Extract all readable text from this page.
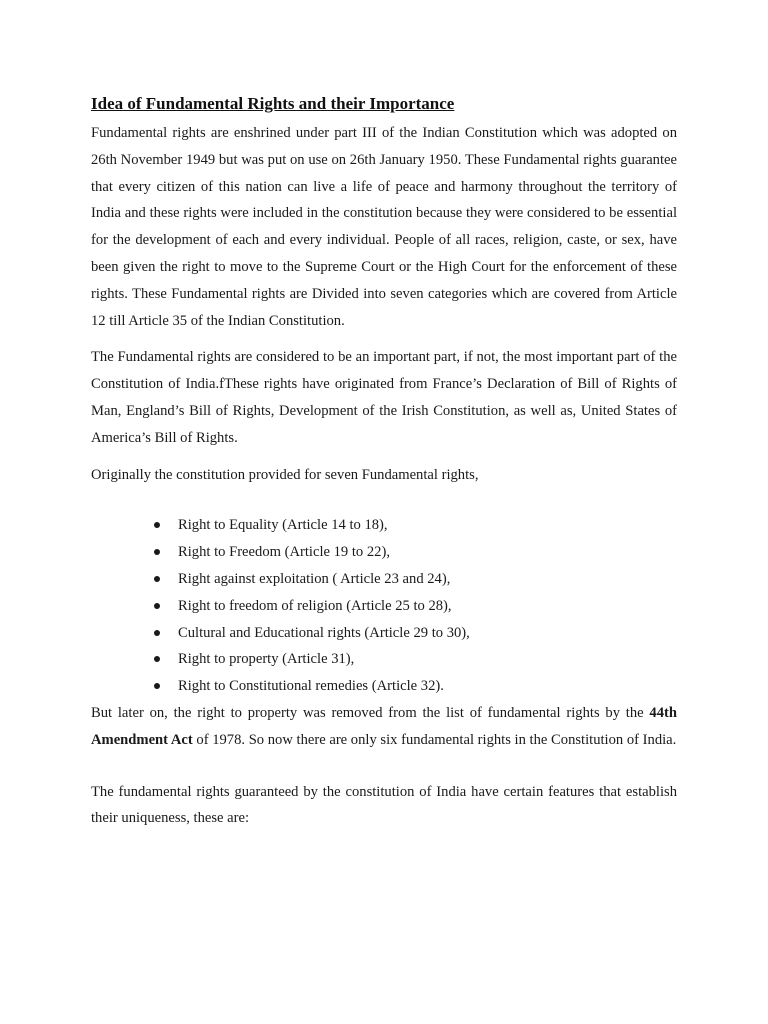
Idea of Fundamental Rights and their Importance

Fundamental rights are enshrined under part III of the Indian Constitution which was adopted on 26th November 1949 but was put on use on 26th January 1950. These Fundamental rights guarantee that every citizen of this nation can live a life of peace and harmony throughout the territory of India and these rights were included in the constitution because they were considered to be essential for the development of each and every individual. People of all races, religion, caste, or sex, have been given the right to move to the Supreme Court or the High Court for the enforcement of these rights. These Fundamental rights are Divided into seven categories which are covered from Article 12 till Article 35 of the Indian Constitution.

The Fundamental rights are considered to be an important part, if not, the most important part of the Constitution of India.fThese rights have originated from France’s Declaration of Bill of Rights of Man, England’s Bill of Rights, Development of the Irish Constitution, as well as, United States of America’s Bill of Rights.

Originally the constitution provided for seven Fundamental rights,

Right to Equality (Article 14 to 18),
Right to Freedom (Article 19 to 22),
Right against exploitation ( Article 23 and 24),
Right to freedom of religion (Article 25 to 28),
Cultural and Educational rights (Article 29 to 30),
Right to property (Article 31),
Right to Constitutional remedies (Article 32).

But later on, the right to property was removed from the list of fundamental rights by the 44th Amendment Act of 1978. So now there are only six fundamental rights in the Constitution of India.

The fundamental rights guaranteed by the constitution of India have certain features that establish their uniqueness, these are:
